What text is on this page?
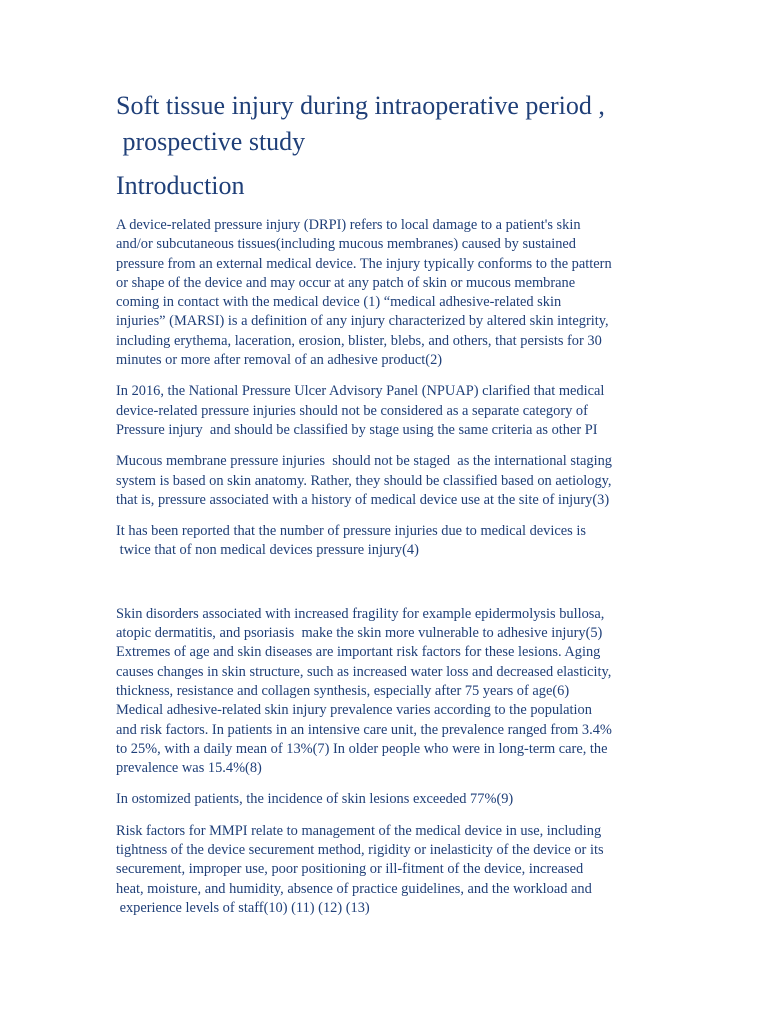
Soft tissue injury during intraoperative period ,
prospective study
Introduction

A device-related pressure injury (DRPI) refers to local damage to a patient's skin
and/or subcutaneous tissues(including mucous membranes) caused by sustained
pressure from an external medical device. The injury typically conforms to the pattern
or shape of the device and may occur at any patch of skin or mucous membrane
coming in contact with the medical device (1) “medical adhesive-related skin
injuries” (MARSI) is a definition of any injury characterized by altered skin integrity,
including erythema, laceration, erosion, blister, blebs, and others, that persists for 30
minutes or more after removal of an adhesive product(2)

In 2016, the National Pressure Ulcer Advisory Panel (NPUAP) clarified that medical
device-related pressure injuries should not be considered as a separate category of
Pressure injury  and should be classified by stage using the same criteria as other PI

Mucous membrane pressure injuries  should not be staged  as the international staging
system is based on skin anatomy. Rather, they should be classified based on aetiology,
that is, pressure associated with a history of medical device use at the site of injury(3)

It has been reported that the number of pressure injuries due to medical devices is
twice that of non medical devices pressure injury(4)

Skin disorders associated with increased fragility for example epidermolysis bullosa,
atopic dermatitis, and psoriasis  make the skin more vulnerable to adhesive injury(5)
Extremes of age and skin diseases are important risk factors for these lesions. Aging
causes changes in skin structure, such as increased water loss and decreased elasticity,
thickness, resistance and collagen synthesis, especially after 75 years of age(6)
Medical adhesive-related skin injury prevalence varies according to the population
and risk factors. In patients in an intensive care unit, the prevalence ranged from 3.4%
to 25%, with a daily mean of 13%(7) In older people who were in long-term care, the
prevalence was 15.4%(8)

In ostomized patients, the incidence of skin lesions exceeded 77%(9)

Risk factors for MMPI relate to management of the medical device in use, including
tightness of the device securement method, rigidity or inelasticity of the device or its
securement, improper use, poor positioning or ill-fitment of the device, increased
heat, moisture, and humidity, absence of practice guidelines, and the workload and
experience levels of staff(10) (11) (12) (13)
